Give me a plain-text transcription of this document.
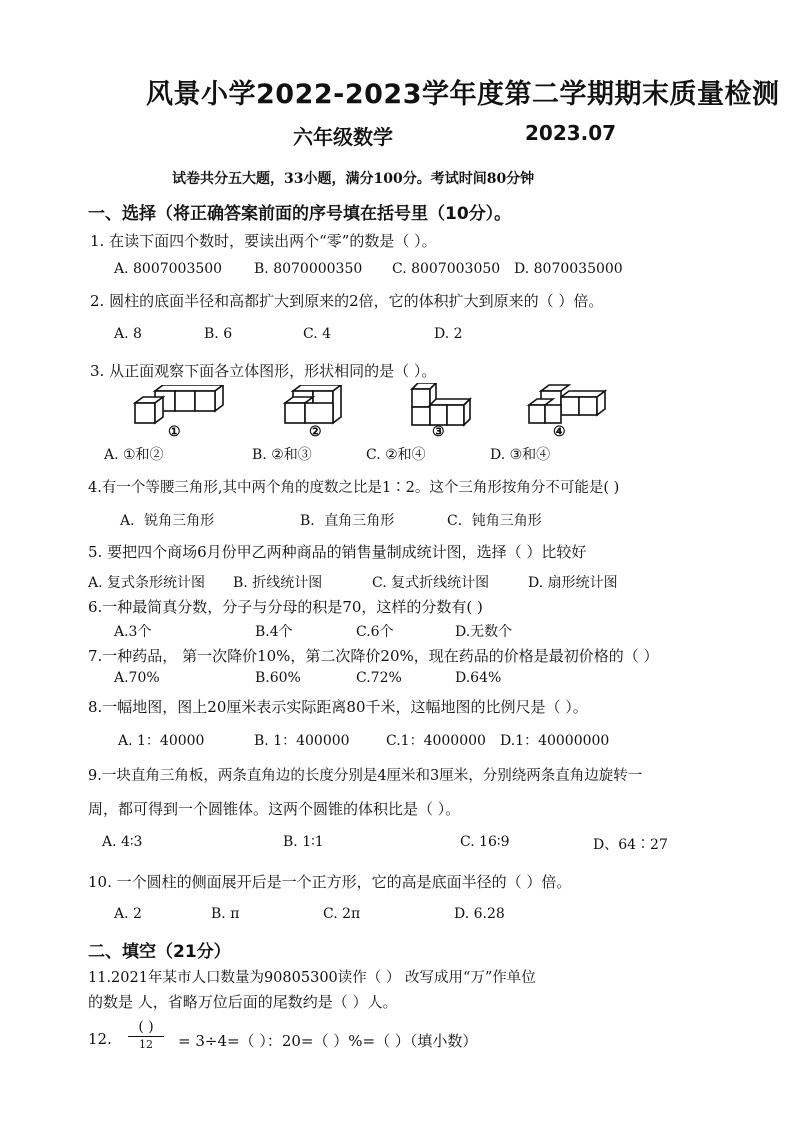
风景小学2022-2023学年度第二学期期末质量检测
六年级数学	2023.07
试卷共分五大题，33小题，满分100分。考试时间80分钟
一、选择（将正确答案前面的序号填在括号里（10分）。
1. 在读下面四个数时，要读出两个“零”的数是（ ）。
A. 8007003500 B. 8070000350 C. 8007003050 D. 8070035000
2. 圆柱的底面半径和高都扩大到原来的2倍，它的体积扩大到原来的（ ）倍。
A. 8	B. 6	C. 4	D. 2
3. 从正面观察下面各立体图形，形状相同的是（ ）。
①	②	③	④
A. ①和②	B. ②和③	C. ②和④	D. ③和④
4.有一个等腰三角形,其中两个角的度数之比是1∶2。这个三角形按角分不可能是( )
A．锐角三角形	B．直角三角形	C．钝角三角形
5. 要把四个商场6月份甲乙两种商品的销售量制成统计图，选择（ ）比较好
A. 复式条形统计图 B. 折线统计图	C. 复式折线统计图	D. 扇形统计图
6.一种最简真分数，分子与分母的积是70，这样的分数有( )
A.3个	B.4个	C.6个	D.无数个
7.一种药品， 第一次降价10%，第二次降价20%，现在药品的价格是最初价格的（ ）
A.70%	B.60%	C.72%	D.64%
8.一幅地图，图上20厘米表示实际距离80千米，这幅地图的比例尺是（ ）。
A. 1：40000	B. 1：400000	C.1：4000000 D.1：40000000
9.一块直角三角板，两条直角边的长度分别是4厘米和3厘米，分别绕两条直角边旋转一
周，都可得到一个圆锥体。这两个圆锥的体积比是（ ）。
A. 4∶3	B. 1∶1	C. 16∶9	D、64∶27
10. 一个圆柱的侧面展开后是一个正方形，它的高是底面半径的（ ）倍。
A. 2	B. π	C. 2π	D. 6.28
二、填空（21分）
11.2021年某市人口数量为90805300读作（ ） 改写成用“万”作单位
的数是 人，省略万位后面的尾数约是（ ）人。
12.
( )
12	= 3÷4=（ ）：20=（ ）%=（ ）（填小数）
